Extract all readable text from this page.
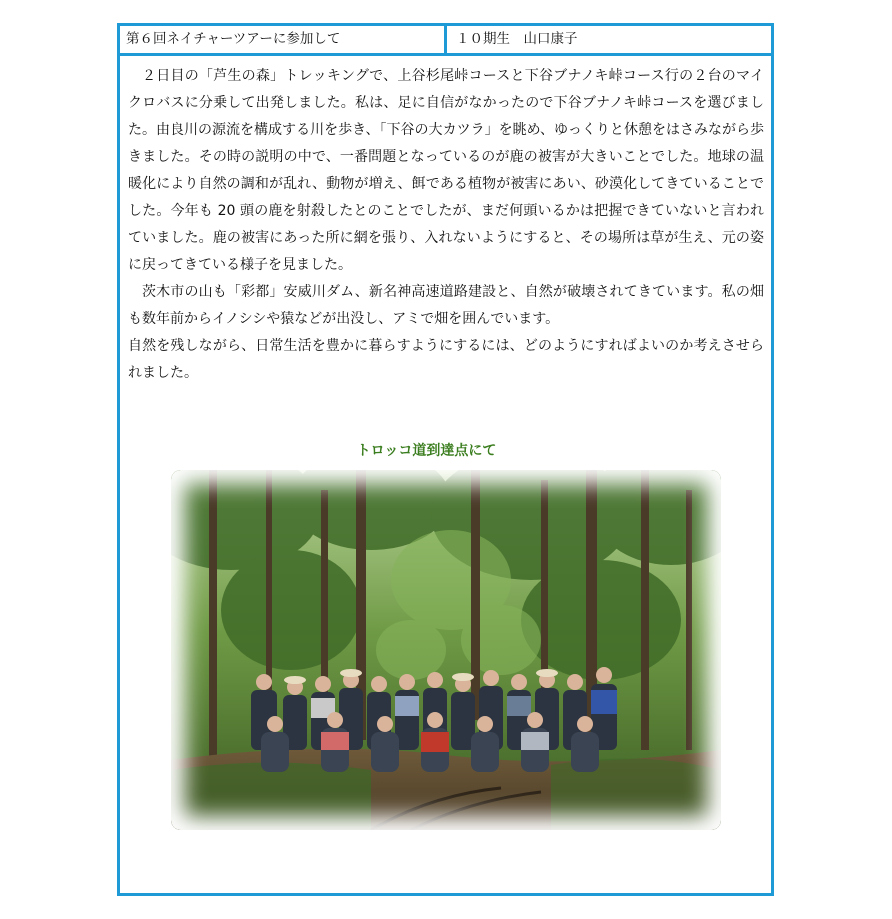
第６回ネイチャーツアーに参加して	１０期生　山口康子

２日目の「芦生の森」トレッキングで、上谷杉尾峠コースと下谷ブナノキ峠コース行の２台のマイクロバスに分乗して出発しました。私は、足に自信がなかったので下谷ブナノキ峠コースを選びました。由良川の源流を構成する川を歩き、「下谷の大カツラ」を眺め、ゆっくりと休憩をはさみながら歩きました。その時の説明の中で、一番問題となっているのが鹿の被害が大きいことでした。地球の温暖化により自然の調和が乱れ、動物が増え、餌である植物が被害にあい、砂漠化してきていることでした。今年も 20 頭の鹿を射殺したとのことでしたが、まだ何頭いるかは把握できていないと言われていました。鹿の被害にあった所に網を張り、入れないようにすると、その場所は草が生え、元の姿に戻ってきている様子を見ました。

茨木市の山も「彩都」安威川ダム、新名神高速道路建設と、自然が破壊されてきています。私の畑も数年前からイノシシや猿などが出没し、アミで畑を囲んでいます。

自然を残しながら、日常生活を豊かに暮らすようにするには、どのようにすればよいのか考えさせられました。

トロッコ道到達点にて
